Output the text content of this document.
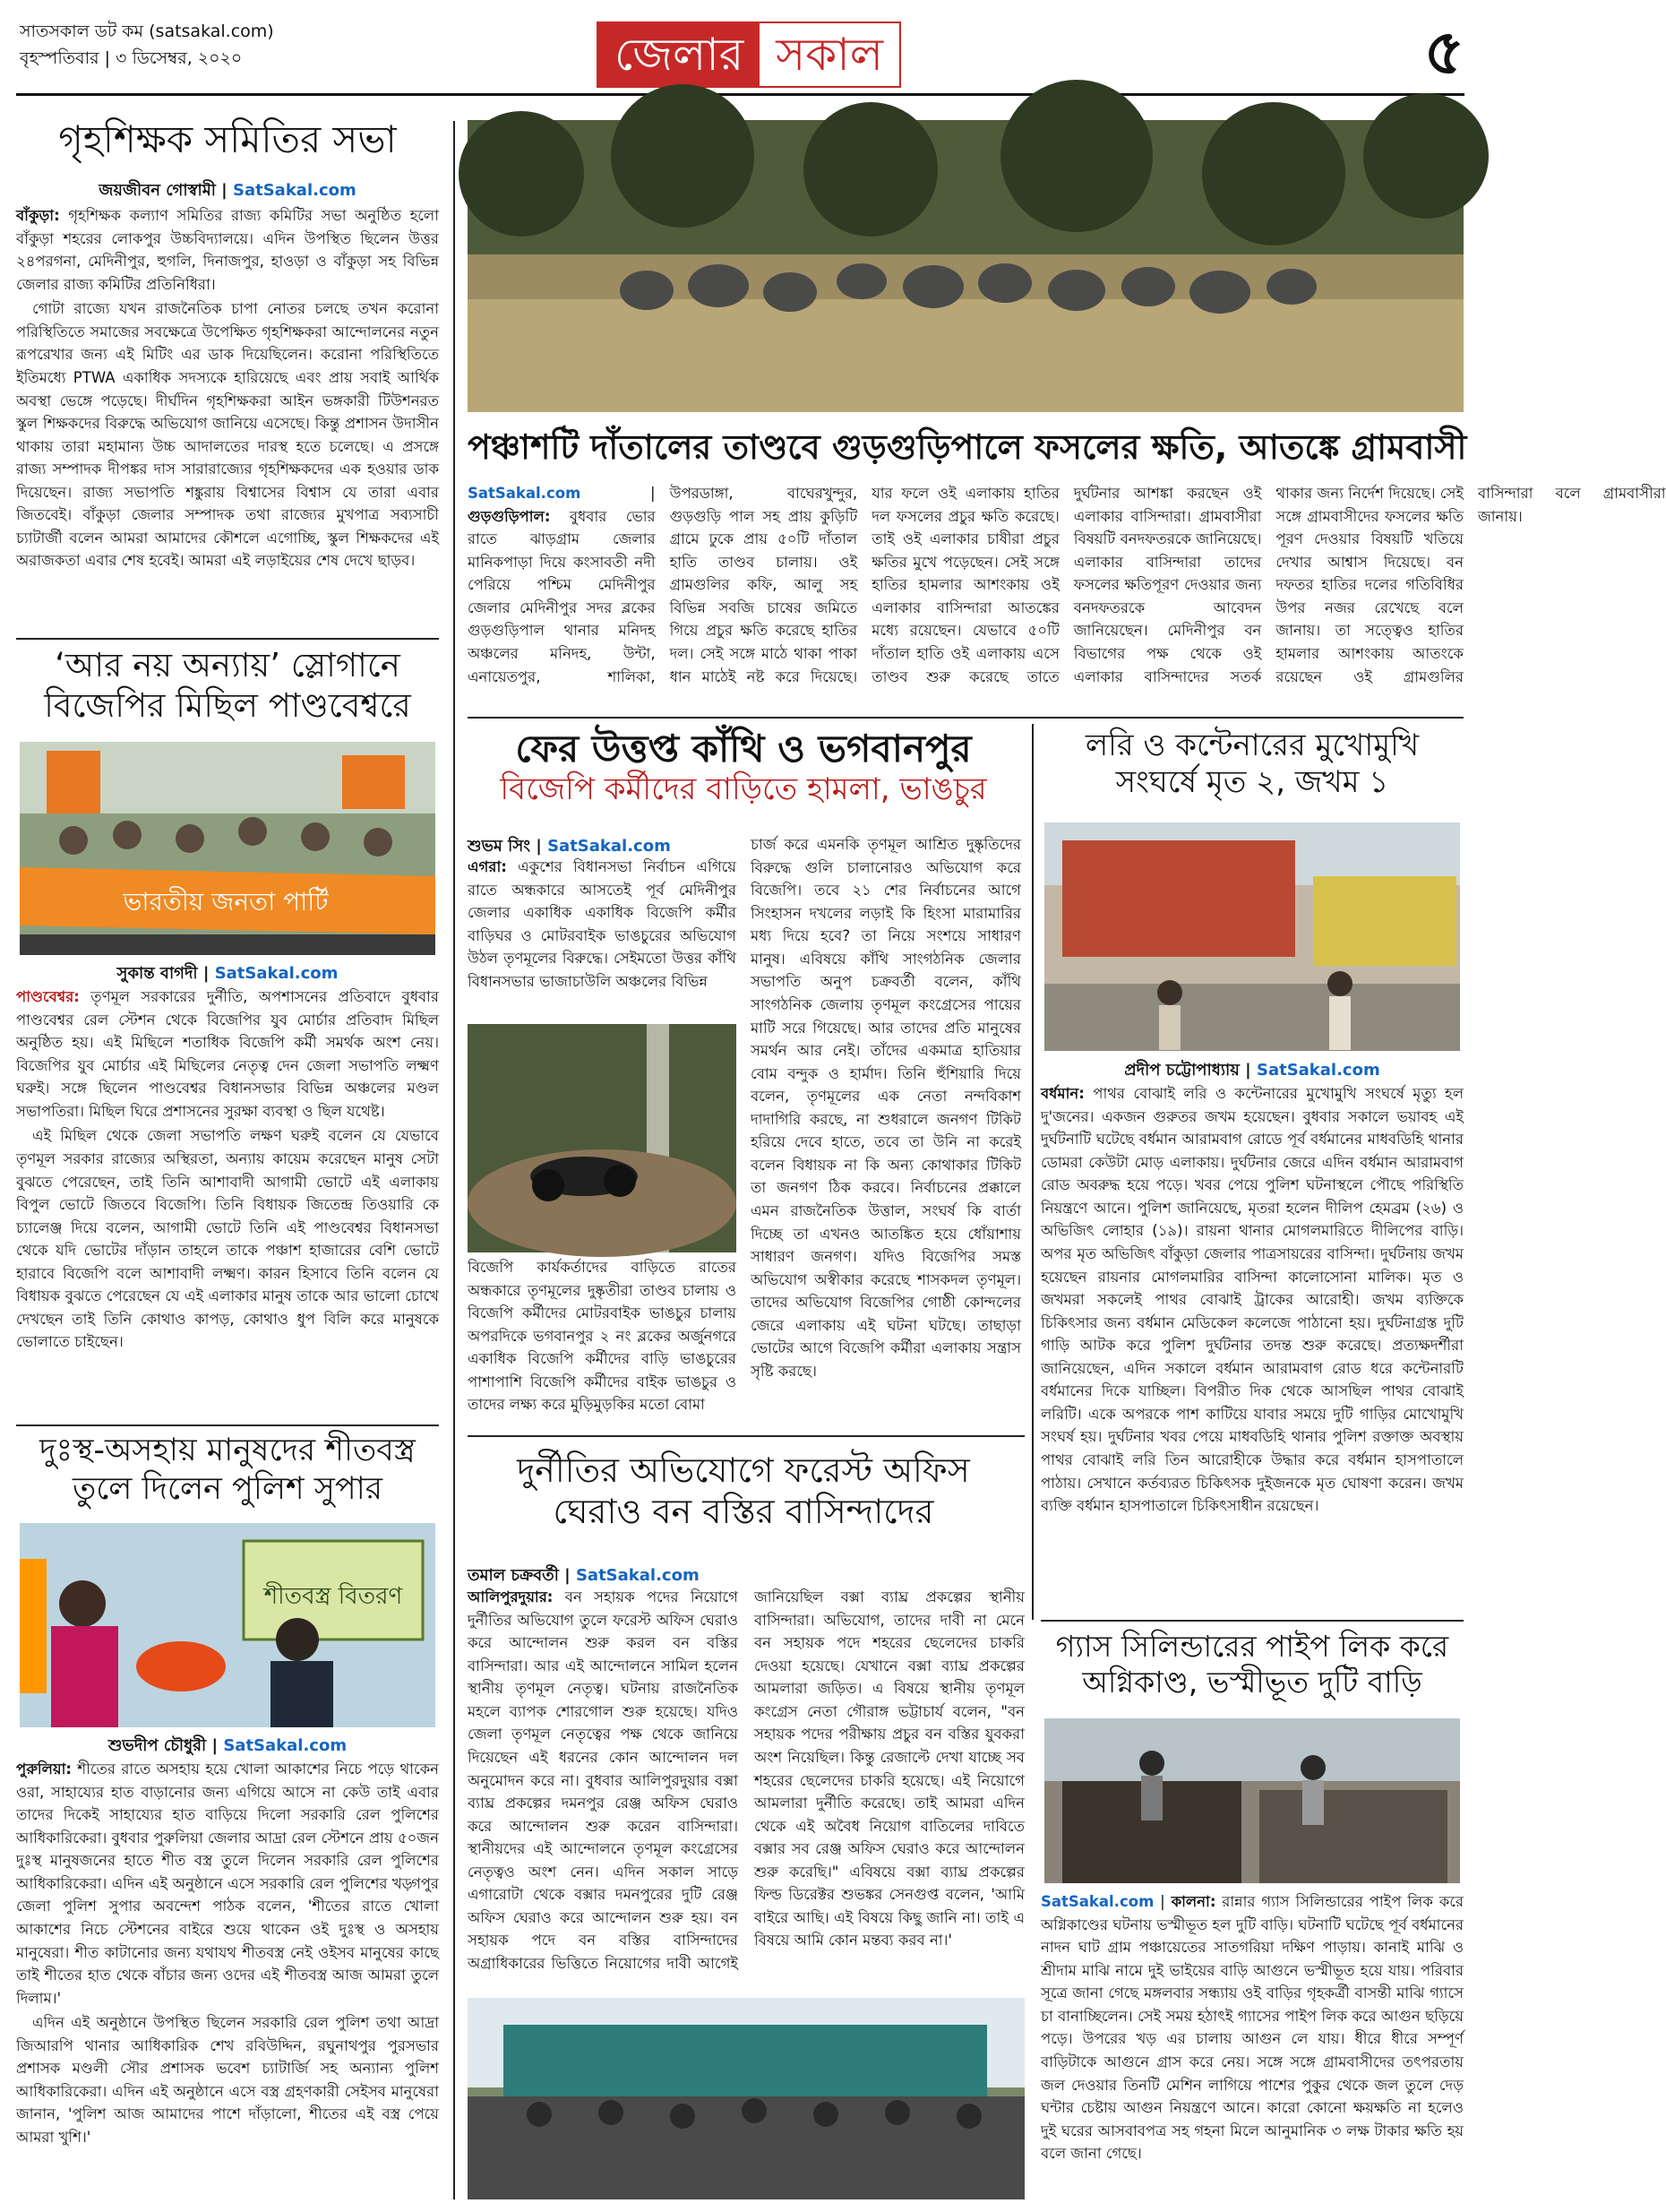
সাতসকাল ডট কম (satsakal.com)
বৃহস্পতিবার | ৩ ডিসেম্বর, ২০২০	জেলার সকাল	৫
গৃহশিক্ষক সমিতির সভা
জয়জীবন গোস্বামী | SatSakal.com

বাঁকুড়া: গৃহশিক্ষক কল্যাণ সমিতির রাজ্য কমিটির সভা অনুষ্ঠিত হলো বাঁকুড়া শহরের লোকপুর উচ্চবিদ্যালয়ে। এদিন উপস্থিত ছিলেন উত্তর ২৪পরগনা, মেদিনীপুর, হুগলি, দিনাজপুর, হাওড়া ও বাঁকুড়া সহ বিভিন্ন জেলার রাজ্য কমিটির প্রতিনিধিরা।

গোটা রাজ্যে যখন রাজনৈতিক চাপা নোতর চলছে তখন করোনা পরিস্থিতিতে সমাজের সবক্ষেত্রে উপেক্ষিত গৃহশিক্ষকরা আন্দোলনের নতুন রূপরেখার জন্য এই মিটিং এর ডাক দিয়েছিলেন। করোনা পরিস্থিতিতে ইতিমধ্যে PTWA একাধিক সদস্যকে হারিয়েছে এবং প্রায় সবাই আর্থিক অবস্থা ভেঙ্গে পড়েছে। দীর্ঘদিন গৃহশিক্ষকরা আইন ভঙ্গকারী টিউশনরত স্কুল শিক্ষকদের বিরুদ্ধে অভিযোগ জানিয়ে এসেছে। কিন্তু প্রশাসন উদাসীন থাকায় তারা মহামান্য উচ্চ আদালতের দারস্থ হতে চলেছে। এ প্রসঙ্গে রাজ্য সম্পাদক দীপঙ্কর দাস সারারাজ্যের গৃহশিক্ষকদের এক হওয়ার ডাক দিয়েছেন। রাজ্য সভাপতি শঙ্কুরায় বিশ্বাসের বিশ্বাস যে তারা এবার জিতবেই। বাঁকুড়া জেলার সম্পাদক তথা রাজ্যের মুখপাত্র সব্যসাচী চ্যাটার্জী বলেন আমরা আমাদের কৌশলে এগোচ্ছি, স্কুল শিক্ষকদের এই অরাজকতা এবার শেষ হবেই। আমরা এই লড়াইয়ের শেষ দেখে ছাড়ব।

‘আর নয় অন্যায়’ স্লোগানে
বিজেপির মিছিল পাণ্ডবেশ্বরে
ভারতীয় জনতা পার্টি
সুকান্ত বাগদী | SatSakal.com

পাণ্ডবেশ্বর: তৃণমূল সরকারের দুর্নীতি, অপশাসনের প্রতিবাদে বুধবার পাণ্ডবেশ্বর রেল স্টেশন থেকে বিজেপির যুব মোর্চার প্রতিবাদ মিছিল অনুষ্ঠিত হয়। এই মিছিলে শতাধিক বিজেপি কর্মী সমর্থক অংশ নেয়। বিজেপির যুব মোর্চার এই মিছিলের নেতৃত্ব দেন জেলা সভাপতি লক্ষ্মণ ঘরুই। সঙ্গে ছিলেন পাণ্ডবেশ্বর বিধানসভার বিভিন্ন অঞ্চলের মণ্ডল সভাপতিরা। মিছিল ঘিরে প্রশাসনের সুরক্ষা ব্যবস্থা ও ছিল যথেষ্ট।

এই মিছিল থেকে জেলা সভাপতি লক্ষণ ঘরুই বলেন যে যেভাবে তৃণমূল সরকার রাজ্যের অস্থিরতা, অন্যায় কায়েম করেছেন মানুষ সেটা বুঝতে পেরেছেন, তাই তিনি আশাবাদী আগামী ভোটে এই এলাকায় বিপুল ভোটে জিতবে বিজেপি। তিনি বিধায়ক জিতেন্দ্র তিওয়ারি কে চ্যালেঞ্জ দিয়ে বলেন, আগামী ভোটে তিনি এই পাণ্ডবেশ্বর বিধানসভা থেকে যদি ভোটের দাঁড়ান তাহলে তাকে পঞ্চাশ হাজারের বেশি ভোটে হারাবে বিজেপি বলে আশাবাদী লক্ষ্মণ। কারন হিসাবে তিনি বলেন যে বিধায়ক বুঝতে পেরেছেন যে এই এলাকার মানুষ তাকে আর ভালো চোখে দেখছেন তাই তিনি কোথাও কাপড়, কোথাও ধুপ বিলি করে মানুষকে ভোলাতে চাইছেন।

দুঃস্থ-অসহায় মানুষদের শীতবস্ত্র
তুলে দিলেন পুলিশ সুপার
শীতবস্ত্র বিতরণ
শুভদীপ চৌধুরী | SatSakal.com

পুরুলিয়া: শীতের রাতে অসহায় হয়ে খোলা আকাশের নিচে পড়ে থাকেন ওরা, সাহায্যের হাত বাড়ানোর জন্য এগিয়ে আসে না কেউ তাই এবার তাদের দিকেই সাহায্যের হাত বাড়িয়ে দিলো সরকারি রেল পুলিশের আধিকারিকেরা। বুধবার পুরুলিয়া জেলার আদ্রা রেল স্টেশনে প্রায় ৫০জন দুঃস্থ মানুষজনের হাতে শীত বস্ত্র তুলে দিলেন সরকারি রেল পুলিশের আধিকারিকেরা। এদিন এই অনুষ্ঠানে এসে সরকারি রেল পুলিশের খড়্গপুর জেলা পুলিশ সুপার অবন্দেশ পাঠক বলেন, 'শীতের রাতে খোলা আকাশের নিচে স্টেশনের বাইরে শুয়ে থাকেন ওই দুঃস্থ ও অসহায় মানুষেরা। শীত কাটানোর জন্য যথাযথ শীতবস্ত্র নেই ওইসব মানুষের কাছে তাই শীতের হাত থেকে বাঁচার জন্য ওদের এই শীতবস্ত্র আজ আমরা তুলে দিলাম।'

এদিন এই অনুষ্ঠানে উপস্থিত ছিলেন সরকারি রেল পুলিশ তথা আদ্রা জিআরপি থানার আধিকারিক শেখ রবিউদ্দিন, রঘুনাথপুর পুরসভার প্রশাসক মণ্ডলী সৌর প্রশাসক ভবেশ চ্যাটার্জি সহ অন্যান্য পুলিশ আধিকারিকেরা। এদিন এই অনুষ্ঠানে এসে বস্ত্র গ্রহণকারী সেইসব মানুষেরা জানান, 'পুলিশ আজ আমাদের পাশে দাঁড়ালো, শীতের এই বস্ত্র পেয়ে আমরা খুশি।'

পঞ্চাশটি দাঁতালের তাণ্ডবে গুড়গুড়িপালে ফসলের ক্ষতি, আতঙ্কে গ্রামবাসী

SatSakal.com | গুড়গুড়িপাল: বুধবার ভোর রাতে ঝাড়গ্রাম জেলার মানিকপাড়া দিয়ে কংসাবতী নদী পেরিয়ে পশ্চিম মেদিনীপুর জেলার মেদিনীপুর সদর ব্লকের গুড়গুড়িপাল থানার মনিদহ অঞ্চলের মনিদহ, উন্টা, এনায়েতপুর, শালিকা, উপরডাঙ্গা, বাঘেরখুন্দুর, গুড়গুড়ি পাল সহ প্রায় কুড়িটি গ্রামে ঢুকে প্রায় ৫০টি দাঁতাল হাতি তাণ্ডব চালায়। ওই গ্রামগুলির কফি, আলু সহ বিভিন্ন সবজি চাষের জমিতে গিয়ে প্রচুর ক্ষতি করেছে হাতির দল। সেই সঙ্গে মাঠে থাকা পাকা ধান মাঠেই নষ্ট করে দিয়েছে। যার ফলে ওই এলাকায় হাতির দল ফসলের প্রচুর ক্ষতি করেছে। তাই ওই এলাকার চাষীরা প্রচুর ক্ষতির মুখে পড়েছেন। সেই সঙ্গে হাতির হামলার আশংকায় ওই এলাকার বাসিন্দারা আতঙ্কের মধ্যে রয়েছেন। যেভাবে ৫০টি দাঁতাল হাতি ওই এলাকায় এসে তাণ্ডব শুরু করেছে তাতে দুর্ঘটনার আশঙ্কা করছেন ওই এলাকার বাসিন্দারা। গ্রামবাসীরা বিষয়টি বনদফতরকে জানিয়েছে। এলাকার বাসিন্দারা তাদের ফসলের ক্ষতিপূরণ দেওয়ার জন্য বনদফতরকে আবেদন জানিয়েছেন। মেদিনীপুর বন বিভাগের পক্ষ থেকে ওই এলাকার বাসিন্দাদের সতর্ক থাকার জন্য নির্দেশ দিয়েছে। সেই সঙ্গে গ্রামবাসীদের ফসলের ক্ষতি পূরণ দেওয়ার বিষয়টি খতিয়ে দেখার আশ্বাস দিয়েছে। বন দফতর হাতির দলের গতিবিধির উপর নজর রেখেছে বলে জানায়। তা সত্ত্বেও হাতির হামলার আশংকায় আতংকে রয়েছেন ওই গ্রামগুলির বাসিন্দারা বলে গ্রামবাসীরা জানায়।

ফের উত্তপ্ত কাঁথি ও ভগবানপুর
বিজেপি কর্মীদের বাড়িতে হামলা, ভাঙচুর
শুভম সিং | SatSakal.com

এগরা: একুশের বিধানসভা নির্বাচন এগিয়ে রাতে অন্ধকারে আসতেই পূর্ব মেদিনীপুর জেলার একাধিক একাধিক বিজেপি কর্মীর বাড়িঘর ও মোটরবাইক ভাঙচুরের অভিযোগ উঠল তৃণমূলের বিরুদ্ধে। সেইমতো উত্তর কাঁথি বিধানসভার ভাজাচাউলি অঞ্চলের বিভিন্ন

বিজেপি কার্যকর্তাদের বাড়িতে রাতের অন্ধকারে তৃণমূলের দুষ্কৃতীরা তাণ্ডব চালায় ও বিজেপি কর্মীদের মোটরবাইক ভাঙচুর চালায় অপরদিকে ভগবানপুর ২ নং ব্লকের অর্জুনগরে একাধিক বিজেপি কর্মীদের বাড়ি ভাঙচুরের পাশাপাশি বিজেপি কর্মীদের বাইক ভাঙচুর ও তাদের লক্ষ্য করে মুড়িমুড়কির মতো বোমা

চার্জ করে এমনকি তৃণমূল আশ্রিত দুষ্কৃতিদের বিরুদ্ধে গুলি চালানোরও অভিযোগ করে বিজেপি। তবে ২১ শের নির্বাচনের আগে সিংহাসন দখলের লড়াই কি হিংসা মারামারির মধ্য দিয়ে হবে? তা নিয়ে সংশয়ে সাধারণ মানুষ। এবিষয়ে কাঁথি সাংগঠনিক জেলার সভাপতি অনুপ চক্রবর্তী বলেন, কাঁথি সাংগঠনিক জেলায় তৃণমূল কংগ্রেসের পায়ের মাটি সরে গিয়েছে। আর তাদের প্রতি মানুষের সমর্থন আর নেই। তাঁদের একমাত্র হাতিয়ার বোম বন্দুক ও হার্মাদ। তিনি হুঁশিয়ারি দিয়ে বলেন, তৃণমূলের এক নেতা নন্দবিকাশ দাদাগিরি করছে, না শুধরালে জনগণ টিকিট হরিয়ে দেবে হাতে, তবে তা উনি না করেই বলেন বিধায়ক না কি অন্য কোথাকার টিকিট তা জনগণ ঠিক করবে। নির্বাচনের প্রক্কালে এমন রাজনৈতিক উত্তাল, সংঘর্ষ কি বার্তা দিচ্ছে তা এখনও আতঙ্কিত হয়ে ধোঁয়াশায় সাধারণ জনগণ। যদিও বিজেপির সমস্ত অভিযোগ অস্বীকার করেছে শাসকদল তৃণমূল। তাদের অভিযোগ বিজেপির গোষ্ঠী কোন্দলের জেরে এলাকায় এই ঘটনা ঘটছে। তাছাড়া ভোটের আগে বিজেপি কর্মীরা এলাকায় সন্ত্রাস সৃষ্টি করছে।

লরি ও কন্টেনারের মুখোমুখি
সংঘর্ষে মৃত ২, জখম ১
প্রদীপ চট্টোপাধ্যায় | SatSakal.com

বর্ধমান: পাথর বোঝাই লরি ও কন্টেনারের মুখোমুখি সংঘর্ষে মৃত্যু হল দু'জনের। একজন গুরুতর জখম হয়েছেন। বুধবার সকালে ভয়াবহ এই দুর্ঘটনাটি ঘটেছে বর্ধমান আরামবাগ রোডে পূর্ব বর্ধমানের মাধবডিহি থানার ডোমরা কেউটা মোড় এলাকায়। দুর্ঘটনার জেরে এদিন বর্ধমান আরামবাগ রোড অবরুদ্ধ হয়ে পড়ে। খবর পেয়ে পুলিশ ঘটনাস্থলে পৌছে পরিস্থিতি নিয়ন্ত্রণে আনে। পুলিশ জানিয়েছে, মৃতরা হলেন দীলিপ হেমব্রম (২৬) ও অভিজিৎ লোহার (১৯)। রায়না থানার মোগলমারিতে দীলিপের বাড়ি। অপর মৃত অভিজিৎ বাঁকুড়া জেলার পাত্রসায়রের বাসিন্দা। দুর্ঘটনায় জখম হয়েছেন রায়নার মোগলমারির বাসিন্দা কালোসোনা মালিক। মৃত ও জখমরা সকলেই পাথর বোঝাই ট্রাকের আরোহী। জখম ব্যক্তিকে চিকিৎসার জন্য বর্ধমান মেডিকেল কলেজে পাঠানো হয়। দুর্ঘটনাগ্রস্ত দুটি গাড়ি আটক করে পুলিশ দুর্ঘটনার তদন্ত শুরু করেছে। প্রত্যক্ষদর্শীরা জানিয়েছেন, এদিন সকালে বর্ধমান আরামবাগ রোড ধরে কন্টেনারটি বর্ধমানের দিকে যাচ্ছিল। বিপরীত দিক থেকে আসছিল পাথর বোঝাই লরিটি। একে অপরকে পাশ কাটিয়ে যাবার সময়ে দুটি গাড়ির মোখোমুখি সংঘর্ষ হয়। দুর্ঘটনার খবর পেয়ে মাধবডিহি থানার পুলিশ রক্তাক্ত অবস্থায় পাথর বোঝাই লরি তিন আরোহীকে উদ্ধার করে বর্ধমান হাসপাতালে পাঠায়। সেখানে কর্তব্যরত চিকিৎসক দুইজনকে মৃত ঘোষণা করেন। জখম ব্যক্তি বর্ধমান হাসপাতালে চিকিৎসাধীন রয়েছেন।

দুর্নীতির অভিযোগে ফরেস্ট অফিস
ঘেরাও বন বস্তির বাসিন্দাদের
তমাল চক্রবর্তী | SatSakal.com

আলিপুরদুয়ার: বন সহায়ক পদের নিয়োগে দুর্নীতির অভিযোগ তুলে ফরেস্ট অফিস ঘেরাও করে আন্দোলন শুরু করল বন বস্তির বাসিন্দারা। আর এই আন্দোলনে সামিল হলেন স্থানীয় তৃণমূল নেতৃত্ব। ঘটনায় রাজনৈতিক মহলে ব্যাপক শোরগোল শুরু হয়েছে। যদিও জেলা তৃণমূল নেতৃত্বের পক্ষ থেকে জানিয়ে দিয়েছেন এই ধরনের কোন আন্দোলন দল অনুমোদন করে না। বুধবার আলিপুরদুয়ার বক্সা ব্যাঘ্র প্রকল্পের দমনপুর রেঞ্জ অফিস ঘেরাও করে আন্দোলন শুরু করেন বাসিন্দারা। স্থানীয়দের এই আন্দোলনে তৃণমূল কংগ্রেসের নেতৃত্বও অংশ নেন। এদিন সকাল সাড়ে এগারোটা থেকে বক্সার দমনপুরের দুটি রেঞ্জ অফিস ঘেরাও করে আন্দোলন শুরু হয়। বন সহায়ক পদে বন বস্তির বাসিন্দাদের অগ্রাধিকারের ভিত্তিতে নিয়োগের দাবী আগেই জানিয়েছিল বক্সা ব্যাঘ্র প্রকল্পের স্থানীয় বাসিন্দারা। অভিযোগ, তাদের দাবী না মেনে বন সহায়ক পদে শহরের ছেলেদের চাকরি দেওয়া হয়েছে। যেখানে বক্সা ব্যাঘ্র প্রকল্পের আমলারা জড়িত। এ বিষয়ে স্থানীয় তৃণমূল কংগ্রেস নেতা গৌরাঙ্গ ভট্টাচার্য বলেন, "বন সহায়ক পদের পরীক্ষায় প্রচুর বন বস্তির যুবকরা অংশ নিয়েছিল। কিন্তু রেজাল্টে দেখা যাচ্ছে সব শহরের ছেলেদের চাকরি হয়েছে। এই নিয়োগে আমলারা দুর্নীতি করেছে। তাই আমরা এদিন থেকে এই অবৈধ নিয়োগ বাতিলের দাবিতে বক্সার সব রেঞ্জ অফিস ঘেরাও করে আন্দোলন শুরু করেছি।" এবিষয়ে বক্সা ব্যাঘ্র প্রকল্পের ফিল্ড ডিরেক্টর শুভঙ্কর সেনগুপ্ত বলেন, 'আমি বাইরে আছি। এই বিষয়ে কিছু জানি না। তাই এ বিষয়ে আমি কোন মন্তব্য করব না।'

গ্যাস সিলিন্ডারের পাইপ লিক করে
অগ্নিকাণ্ড, ভস্মীভূত দুটি বাড়ি

SatSakal.com | কালনা: রান্নার গ্যাস সিলিন্ডারের পাইপ লিক করে অগ্নিকাণ্ডের ঘটনায় ভস্মীভূত হল দুটি বাড়ি। ঘটনাটি ঘটেছে পূর্ব বর্ধমানের নাদন ঘাট গ্রাম পঞ্চায়েতের সাতগরিয়া দক্ষিণ পাড়ায়। কানাই মাঝি ও শ্রীদাম মাঝি নামে দুই ভাইয়ের বাড়ি আগুনে ভস্মীভূত হয়ে যায়। পরিবার সূত্রে জানা গেছে মঙ্গলবার সন্ধ্যায় ওই বাড়ির গৃহকর্ত্রী বাসন্তী মাঝি গ্যাসে চা বানাচ্ছিলেন। সেই সময় হঠাৎই গ্যাসের পাইপ লিক করে আগুন ছড়িয়ে পড়ে। উপরের খড় এর চালায় আগুন লে যায়। ধীরে ধীরে সম্পূর্ণ বাড়িটাকে আগুনে গ্রাস করে নেয়। সঙ্গে সঙ্গে গ্রামবাসীদের তৎপরতায় জল দেওয়ার তিনটি মেশিন লাগিয়ে পাশের পুকুর থেকে জল তুলে দেড় ঘন্টার চেষ্টায় আগুন নিয়ন্ত্রণে আনে। কারো কোনো ক্ষয়ক্ষতি না হলেও দুই ঘরের আসবাবপত্র সহ গহনা মিলে আনুমানিক ৩ লক্ষ টাকার ক্ষতি হয় বলে জানা গেছে।
